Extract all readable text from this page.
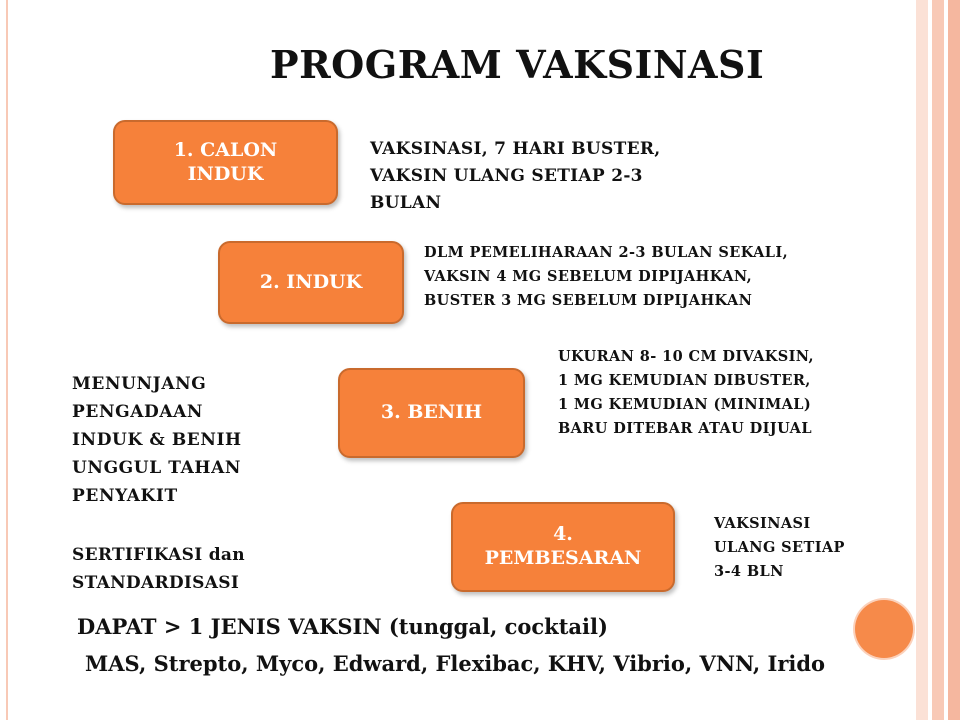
PROGRAM VAKSINASI
1. CALON INDUK
VAKSINASI, 7 HARI BUSTER,
VAKSIN ULANG SETIAP 2-3
BULAN
2. INDUK
DLM PEMELIHARAAN 2-3 BULAN SEKALI,
VAKSIN 4 MG SEBELUM DIPIJAHKAN,
BUSTER 3 MG SEBELUM DIPIJAHKAN
3. BENIH
UKURAN 8- 10 CM DIVAKSIN,
1 MG KEMUDIAN DIBUSTER,
1 MG KEMUDIAN (MINIMAL)
BARU DITEBAR ATAU DIJUAL
4. PEMBESARAN
VAKSINASI
ULANG SETIAP
3-4 BLN
MENUNJANG
PENGADAAN
INDUK & BENIH
UNGGUL TAHAN
PENYAKIT
SERTIFIKASI dan
STANDARDISASI
DAPAT > 1 JENIS VAKSIN (tunggal, cocktail)
MAS, Strepto, Myco, Edward, Flexibac, KHV, Vibrio, VNN, Irido
